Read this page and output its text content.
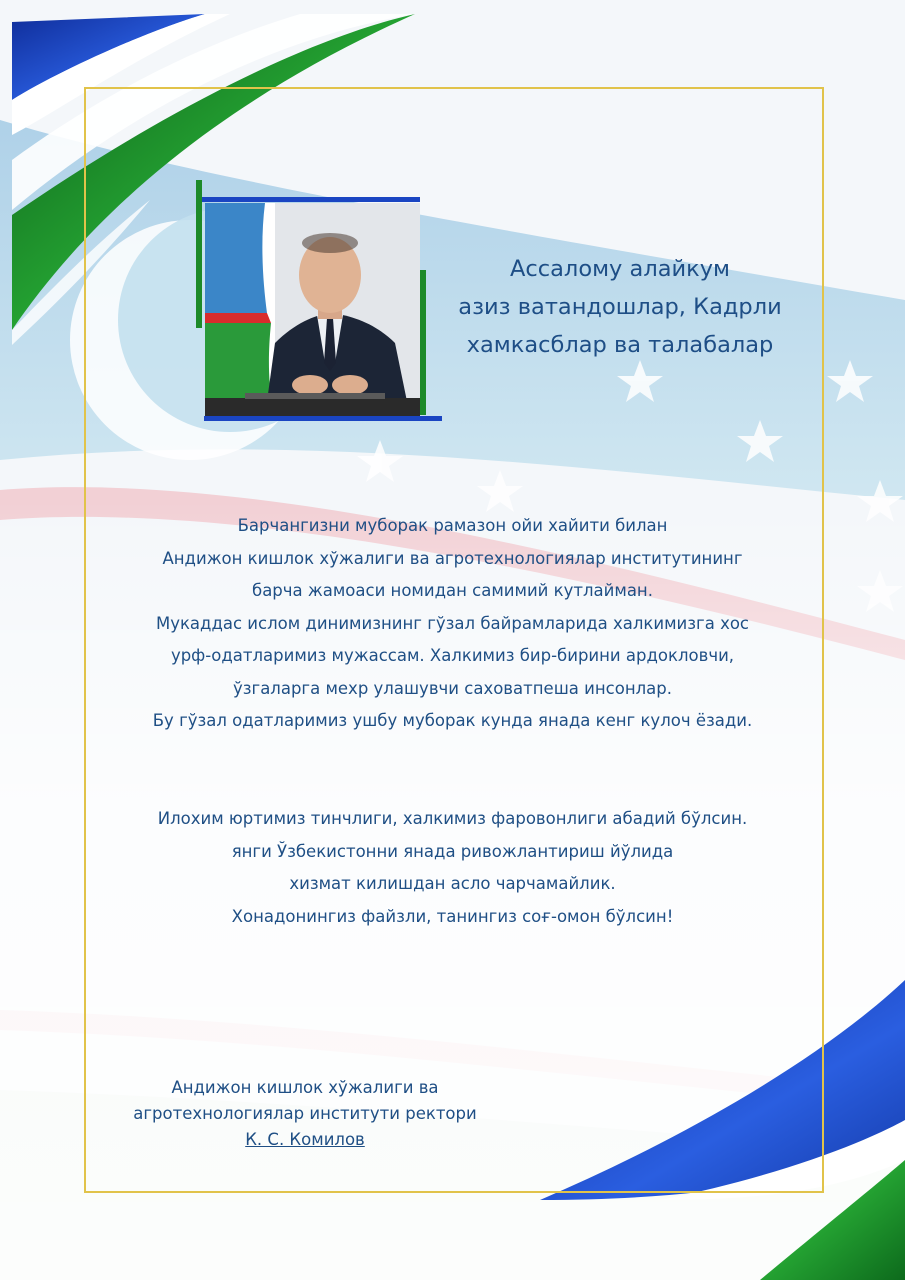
Ассалому алайкум
азиз ватандошлар, Кадрли
хамкасблар ва талабалар
Барчангизни муборак рамазон ойи хайити билан
Андижон кишлок хўжалиги ва агротехнологиялар институтининг
барча жамоаси номидан самимий кутлайман.
Мукаддас ислом динимизнинг гўзал байрамларида халкимизга хос
урф-одатларимиз мужассам. Халкимиз бир-бирини ардокловчи,
ўзгаларга мехр улашувчи саховатпеша инсонлар.
Бу гўзал одатларимиз ушбу муборак кунда янада кенг кулоч ёзади.
Илохим юртимиз тинчлиги, халкимиз фаровонлиги абадий бўлсин.
янги Ўзбекистонни янада ривожлантириш йўлида
хизмат килишдан асло чарчамайлик.
Хонадонингиз файзли, танингиз соғ-омон бўлсин!
Андижон кишлок хўжалиги ва
агротехнологиялар институти ректори
К. С. Комилов
